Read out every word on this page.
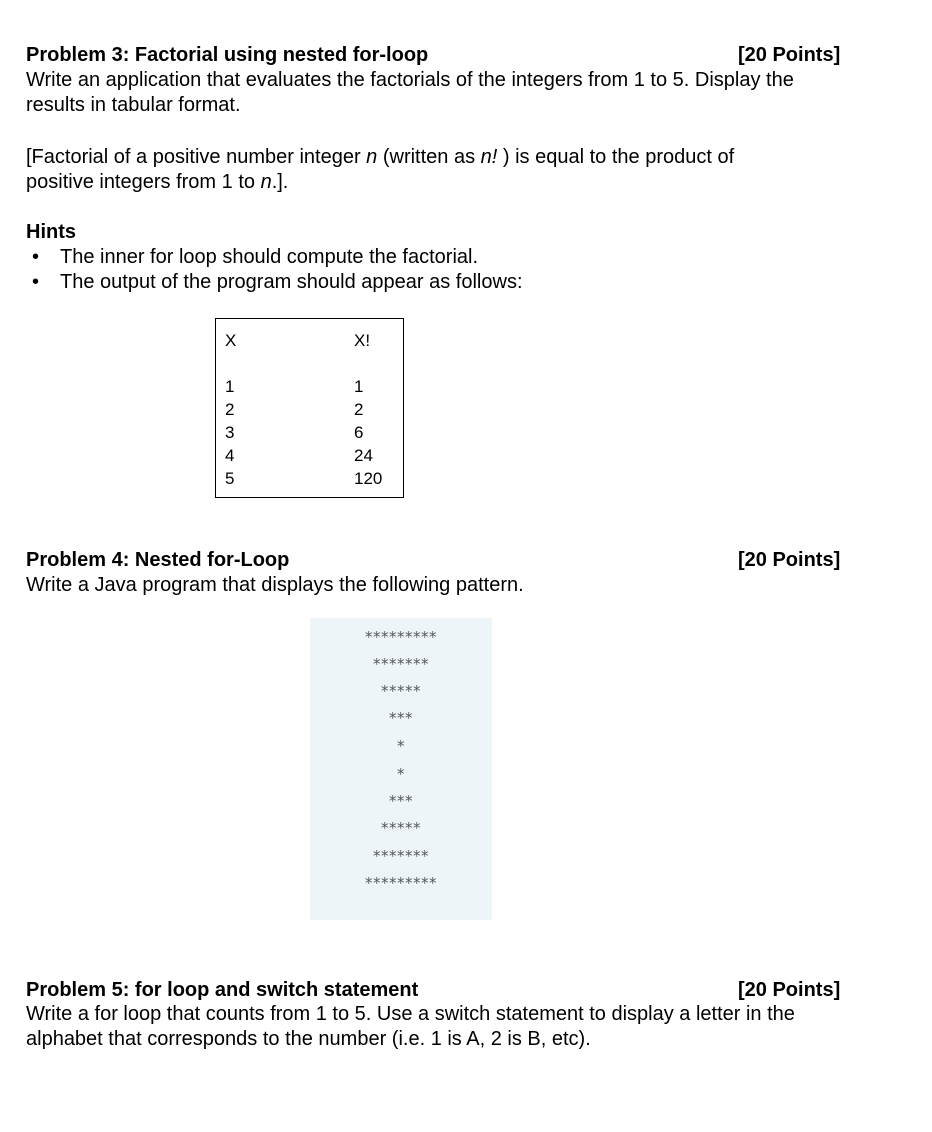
Problem 3: Factorial using nested for-loop	[20 Points]
Write an application that evaluates the factorials of the integers from 1 to 5. Display the
results in tabular format.
[Factorial of a positive number integer n (written as n! ) is equal to the product of
positive integers from 1 to n.].
Hints
• The inner for loop should compute the factorial.
• The output of the program should appear as follows:
X	X!
1	1
2	2
3	6
4	24
5	120
Problem 4: Nested for-Loop	[20 Points]
Write a Java program that displays the following pattern.
*********
*******
*****
***
*
*
***
*****
*******
*********
Problem 5: for loop and switch statement	[20 Points]
Write a for loop that counts from 1 to 5. Use a switch statement to display a letter in the
alphabet that corresponds to the number (i.e. 1 is A, 2 is B, etc).
